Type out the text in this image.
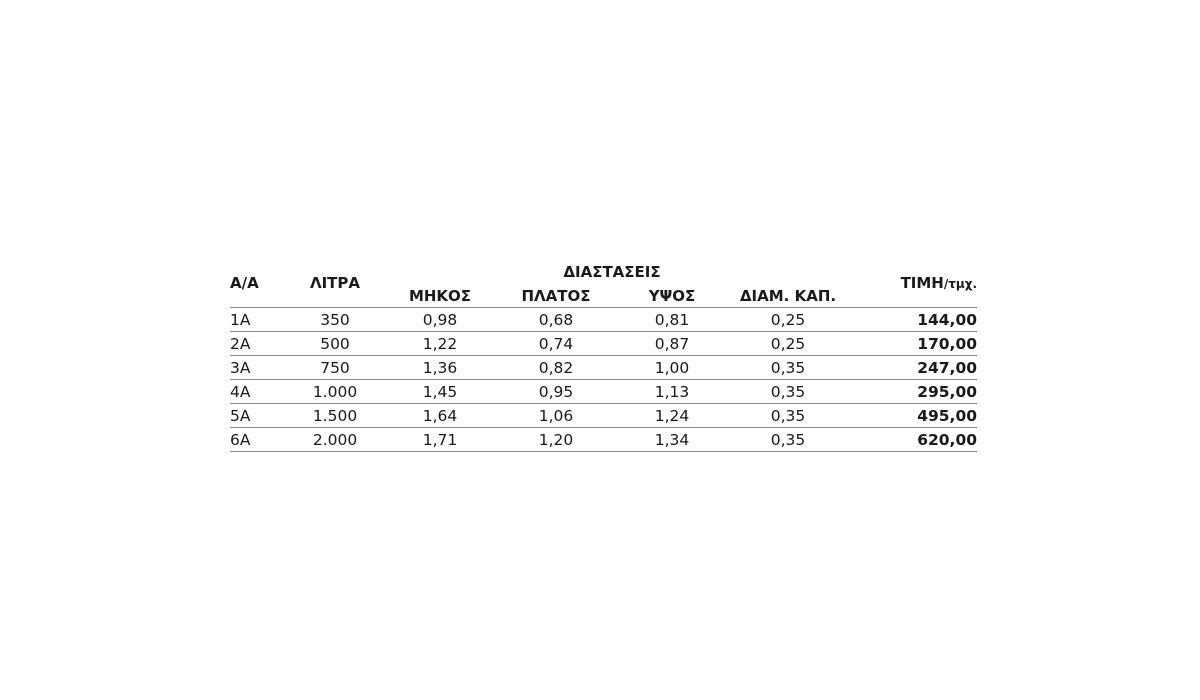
Α/Α	ΛΙΤΡΑ	ΔΙΑΣΤΑΣΕΙΣ				ΤΙΜΗ/τμχ.
		ΜΗΚΟΣ	ΠΛΑΤΟΣ	ΥΨΟΣ	ΔΙΑΜ. ΚΑΠ.	
1A	350	0,98	0,68	0,81	0,25	144,00
2A	500	1,22	0,74	0,87	0,25	170,00
3A	750	1,36	0,82	1,00	0,35	247,00
4A	1.000	1,45	0,95	1,13	0,35	295,00
5A	1.500	1,64	1,06	1,24	0,35	495,00
6A	2.000	1,71	1,20	1,34	0,35	620,00
